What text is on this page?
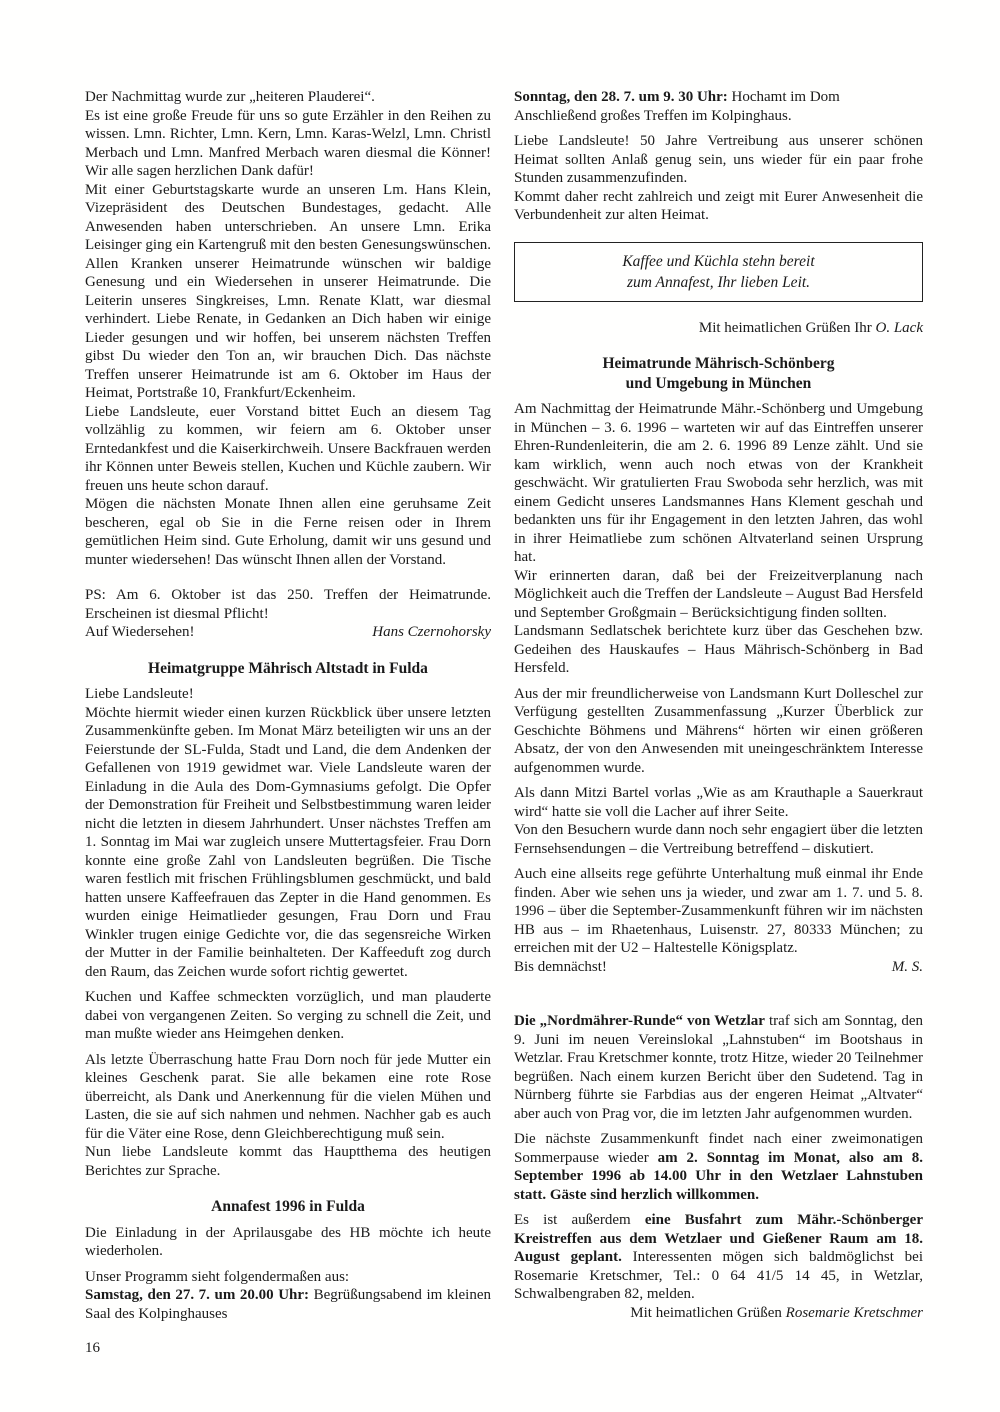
Der Nachmittag wurde zur „heiteren Plauderei“.
Es ist eine große Freude für uns so gute Erzähler in den Reihen zu wissen. Lmn. Richter, Lmn. Kern, Lmn. Karas-Welzl, Lmn. Christl Merbach und Lmn. Manfred Merbach waren diesmal die Könner! Wir alle sagen herzlichen Dank dafür!
Mit einer Geburtstagskarte wurde an unseren Lm. Hans Klein, Vizepräsident des Deutschen Bundestages, gedacht. Alle Anwesenden haben unterschrieben. An unsere Lmn. Erika Leisinger ging ein Kartengruß mit den besten Genesungswünschen. Allen Kranken unserer Heimatrunde wünschen wir baldige Genesung und ein Wiedersehen in unserer Heimatrunde. Die Leiterin unseres Singkreises, Lmn. Renate Klatt, war diesmal verhindert. Liebe Renate, in Gedanken an Dich haben wir einige Lieder gesungen und wir hoffen, bei unserem nächsten Treffen gibst Du wieder den Ton an, wir brauchen Dich. Das nächste Treffen unserer Heimatrunde ist am 6. Oktober im Haus der Heimat, Portstraße 10, Frankfurt/Eckenheim.
Liebe Landsleute, euer Vorstand bittet Euch an diesem Tag vollzählig zu kommen, wir feiern am 6. Oktober unser Erntedankfest und die Kaiserkirchweih. Unsere Backfrauen werden ihr Können unter Beweis stellen, Kuchen und Küchle zaubern. Wir freuen uns heute schon darauf.
Mögen die nächsten Monate Ihnen allen eine geruhsame Zeit bescheren, egal ob Sie in die Ferne reisen oder in Ihrem gemütlichen Heim sind. Gute Erholung, damit wir uns gesund und munter wiedersehen! Das wünscht Ihnen allen der Vorstand.
PS: Am 6. Oktober ist das 250. Treffen der Heimatrunde. Erscheinen ist diesmal Pflicht!
Auf Wiedersehen!	Hans Czernohorsky
Heimatgruppe Mährisch Altstadt in Fulda
Liebe Landsleute!
Möchte hiermit wieder einen kurzen Rückblick über unsere letzten Zusammenkünfte geben. Im Monat März beteiligten wir uns an der Feierstunde der SL-Fulda, Stadt und Land, die dem Andenken der Gefallenen von 1919 gewidmet war. Viele Landsleute waren der Einladung in die Aula des Dom-Gymnasiums gefolgt. Die Opfer der Demonstration für Freiheit und Selbstbestimmung waren leider nicht die letzten in diesem Jahrhundert. Unser nächstes Treffen am 1. Sonntag im Mai war zugleich unsere Muttertagsfeier. Frau Dorn konnte eine große Zahl von Landsleuten begrüßen. Die Tische waren festlich mit frischen Frühlingsblumen geschmückt, und bald hatten unsere Kaffeefrauen das Zepter in die Hand genommen. Es wurden einige Heimatlieder gesungen, Frau Dorn und Frau Winkler trugen einige Gedichte vor, die das segensreiche Wirken der Mutter in der Familie beinhalteten. Der Kaffeeduft zog durch den Raum, das Zeichen wurde sofort richtig gewertet.
Kuchen und Kaffee schmeckten vorzüglich, und man plauderte dabei von vergangenen Zeiten. So verging zu schnell die Zeit, und man mußte wieder ans Heimgehen denken.
Als letzte Überraschung hatte Frau Dorn noch für jede Mutter ein kleines Geschenk parat. Sie alle bekamen eine rote Rose überreicht, als Dank und Anerkennung für die vielen Mühen und Lasten, die sie auf sich nahmen und nehmen. Nachher gab es auch für die Väter eine Rose, denn Gleichberechtigung muß sein.
Nun liebe Landsleute kommt das Hauptthema des heutigen Berichtes zur Sprache.
Annafest 1996 in Fulda
Die Einladung in der Aprilausgabe des HB möchte ich heute wiederholen.
Unser Programm sieht folgendermaßen aus:
Samstag, den 27. 7. um 20.00 Uhr: Begrüßungsabend im kleinen Saal des Kolpinghauses
Sonntag, den 28. 7. um 9. 30 Uhr: Hochamt im Dom
Anschließend großes Treffen im Kolpinghaus.
Liebe Landsleute! 50 Jahre Vertreibung aus unserer schönen Heimat sollten Anlaß genug sein, uns wieder für ein paar frohe Stunden zusammenzufinden.
Kommt daher recht zahlreich und zeigt mit Eurer Anwesenheit die Verbundenheit zur alten Heimat.
Kaffee und Küchla stehn bereit
zum Annafest, Ihr lieben Leit.
Mit heimatlichen Grüßen Ihr O. Lack
Heimatrunde Mährisch-Schönberg
und Umgebung in München
Am Nachmittag der Heimatrunde Mähr.-Schönberg und Umgebung in München – 3. 6. 1996 – warteten wir auf das Eintreffen unserer Ehren-Rundenleiterin, die am 2. 6. 1996 89 Lenze zählt. Und sie kam wirklich, wenn auch noch etwas von der Krankheit geschwächt. Wir gratulierten Frau Swoboda sehr herzlich, was mit einem Gedicht unseres Landsmannes Hans Klement geschah und bedankten uns für ihr Engagement in den letzten Jahren, das wohl in ihrer Heimatliebe zum schönen Altvaterland seinen Ursprung hat.
Wir erinnerten daran, daß bei der Freizeitverplanung nach Möglichkeit auch die Treffen der Landsleute – August Bad Hersfeld und September Großgmain – Berücksichtigung finden sollten.
Landsmann Sedlatschek berichtete kurz über das Geschehen bzw. Gedeihen des Hauskaufes – Haus Mährisch-Schönberg in Bad Hersfeld.
Aus der mir freundlicherweise von Landsmann Kurt Dolleschel zur Verfügung gestellten Zusammenfassung „Kurzer Überblick zur Geschichte Böhmens und Mährens“ hörten wir einen größeren Absatz, der von den Anwesenden mit uneingeschränktem Interesse aufgenommen wurde.
Als dann Mitzi Bartel vorlas „Wie as am Krauthaple a Sauerkraut wird“ hatte sie voll die Lacher auf ihrer Seite.
Von den Besuchern wurde dann noch sehr engagiert über die letzten Fernsehsendungen – die Vertreibung betreffend – diskutiert.
Auch eine allseits rege geführte Unterhaltung muß einmal ihr Ende finden. Aber wie sehen uns ja wieder, und zwar am 1. 7. und 5. 8. 1996 – über die September-Zusammenkunft führen wir im nächsten HB aus – im Rhaetenhaus, Luisenstr. 27, 80333 München; zu erreichen mit der U2 – Haltestelle Königsplatz.
Bis demnächst!	M. S.
Die „Nordmährer-Runde“ von Wetzlar traf sich am Sonntag, den 9. Juni im neuen Vereinslokal „Lahnstuben“ im Bootshaus in Wetzlar. Frau Kretschmer konnte, trotz Hitze, wieder 20 Teilnehmer begrüßen. Nach einem kurzen Bericht über den Sudetend. Tag in Nürnberg führte sie Farbdias aus der engeren Heimat „Altvater“ aber auch von Prag vor, die im letzten Jahr aufgenommen wurden.
Die nächste Zusammenkunft findet nach einer zweimonatigen Sommerpause wieder am 2. Sonntag im Monat, also am 8. September 1996 ab 14.00 Uhr in den Wetzlaer Lahnstuben statt. Gäste sind herzlich willkommen.
Es ist außerdem eine Busfahrt zum Mähr.-Schönberger Kreistreffen aus dem Wetzlaer und Gießener Raum am 18. August geplant. Interessenten mögen sich baldmöglichst bei Rosemarie Kretschmer, Tel.: 0 64 41/5 14 45, in Wetzlar, Schwalbengraben 82, melden.
Mit heimatlichen Grüßen Rosemarie Kretschmer
16
